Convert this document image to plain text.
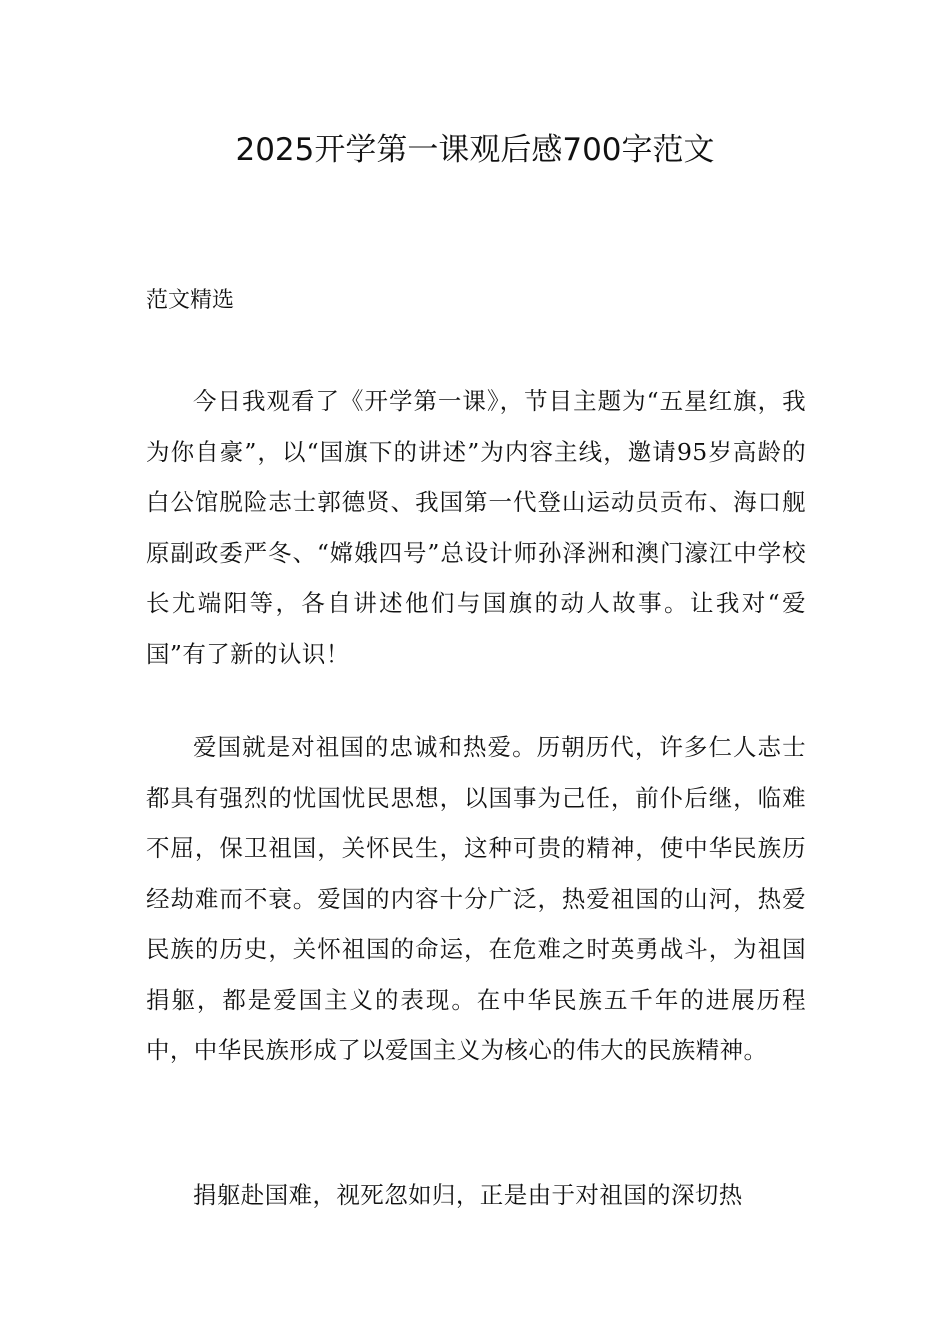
2025开学第一课观后感700字范文

范文精选

今日我观看了《开学第一课》，节目主题为“五星红旗，我为你自豪”，以“国旗下的讲述”为内容主线，邀请95岁高龄的白公馆脱险志士郭德贤、我国第一代登山运动员贡布、海口舰原副政委严冬、“嫦娥四号”总设计师孙泽洲和澳门濠江中学校长尤端阳等，各自讲述他们与国旗的动人故事。让我对“爱国”有了新的认识！

爱国就是对祖国的忠诚和热爱。历朝历代，许多仁人志士都具有强烈的忧国忧民思想，以国事为己任，前仆后继，临难不屈，保卫祖国，关怀民生，这种可贵的精神，使中华民族历经劫难而不衰。爱国的内容十分广泛，热爱祖国的山河，热爱民族的历史，关怀祖国的命运，在危难之时英勇战斗，为祖国捐躯，都是爱国主义的表现。在中华民族五千年的进展历程中，中华民族形成了以爱国主义为核心的伟大的民族精神。

捐躯赴国难，视死忽如归，正是由于对祖国的深切热
